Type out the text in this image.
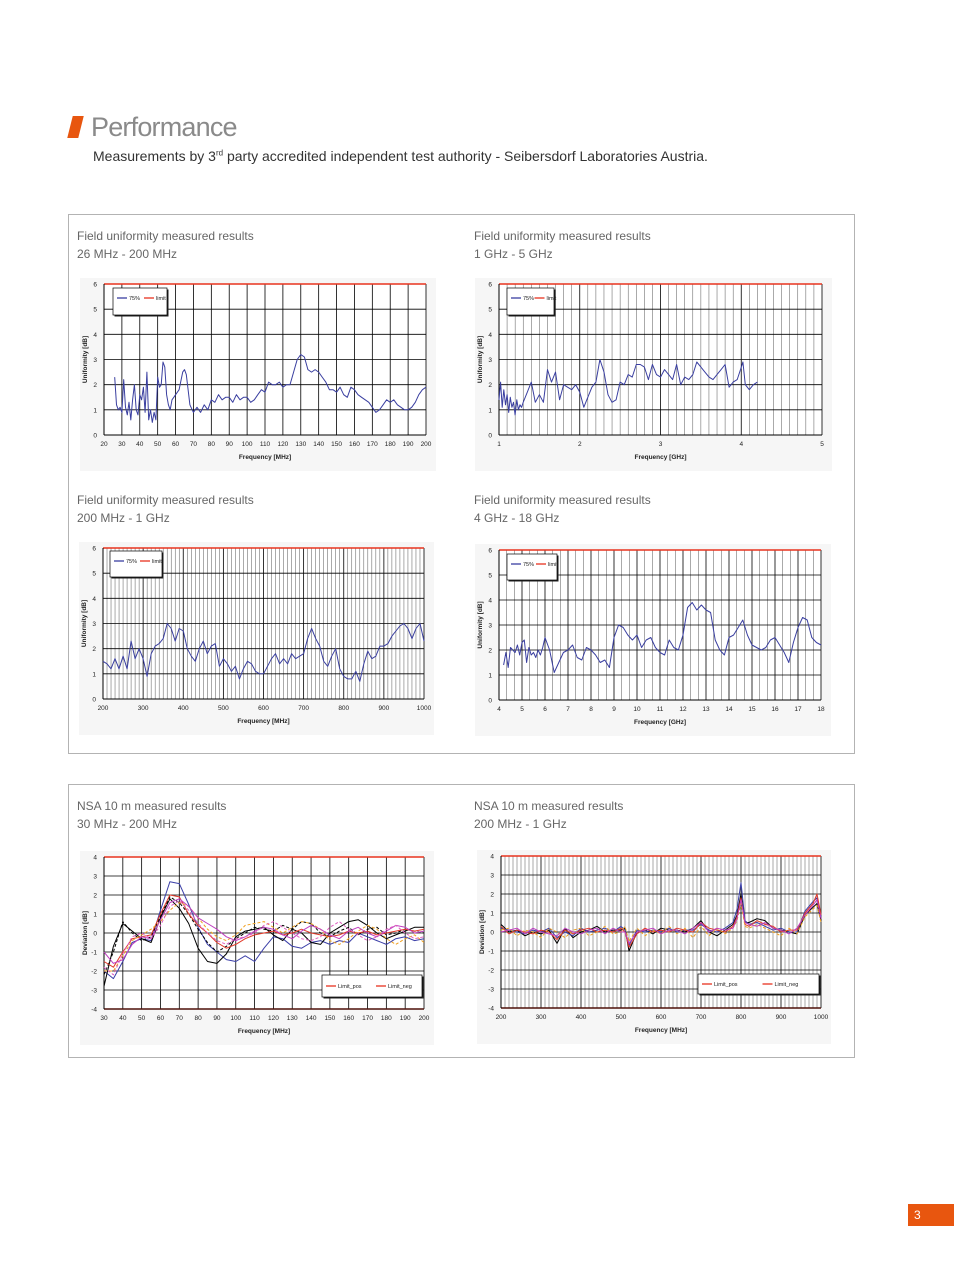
Performance

Measurements by 3rd party accredited independent test authority - Seibersdorf Laboratories Austria.

Field uniformity measured results
26 MHz - 200 MHz

Field uniformity measured results
1 GHz - 5 GHz

Field uniformity measured results
200 MHz - 1 GHz

Field uniformity measured results
4 GHz - 18 GHz

NSA 10 m measured results
30 MHz - 200 MHz

NSA 10 m measured results
200 MHz - 1 GHz

20 30 40 50 60 70 80 90 100 110 120 130 140 150 160 170 180 190 200
0
1
2
3
4
5
6
Frequency [MHz]
Uniformity [dB]
75%	limit
1	2	3	4	5
0
1
2
3
4
5
6
Frequency [GHz]
Uniformity [dB]
75% limit
200	300	400	500	600	700	800	900	1000
0
1
2
3
4
5
6
Frequency [MHz]
Uniformity [dB]
75%	limit
4	5	6	7	8	9	10 11 12 13 14 15 16 17 18
0
1
2
3
4
5
6
Frequency [GHz]
Uniformity [dB]
75%	limit
30 40 50 60 70 80 90 100 110 120 130 140 150 160 170 180 190 200
-4
-3
-2
-1
0
1
2
3
4
Frequency [MHz]
Deviation [dB]
Limit_pos	Limit_neg
200	300	400	500	600	700	800	900	1000
-4
-3
-2
-1
0
1
2
3
4
Frequency [MHz]
Deviation [dB]
Limit_pos	Limit_neg
3
